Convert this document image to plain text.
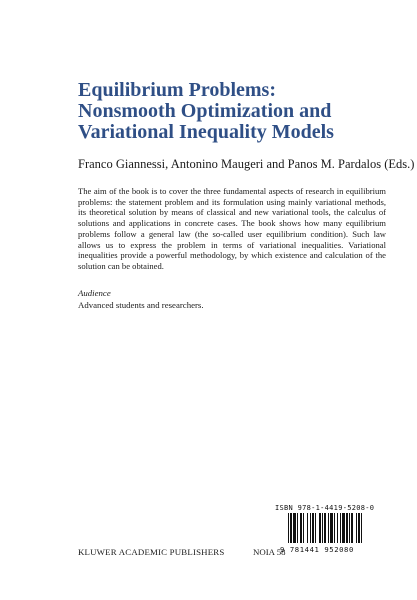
Equilibrium Problems:
Nonsmooth Optimization and
Variational Inequality Models
Franco Giannessi, Antonino Maugeri and Panos M. Pardalos (Eds.)

The aim of the book is to cover the three fundamental aspects of research in equilibrium problems: the statement problem and its formulation using mainly variational methods, its theoretical solution by means of classical and new variational tools, the calculus of solutions and applications in concrete cases. The book shows how many equilibrium problems follow a general law (the so-called user equilibrium condition). Such law allows us to express the problem in terms of variational inequalities. Variational inequalities provide a powerful methodology, by which existence and calculation of the solution can be obtained.

Audience
Advanced students and researchers.
ISBN 978-1-4419-5208-0
9 781441 952080
KLUWER ACADEMIC PUBLISHERS	NOIA 58
